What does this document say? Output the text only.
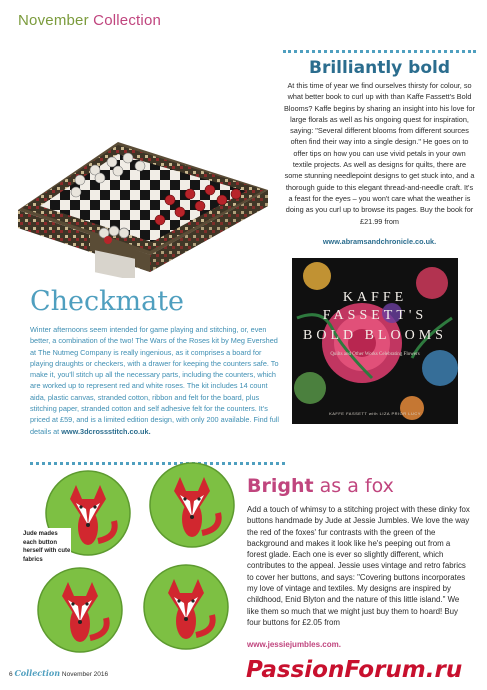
November Collection
Brilliantly bold
At this time of year we find ourselves thirsty for colour, so what better book to curl up with than Kaffe Fassett's Bold Blooms? Kaffe begins by sharing an insight into his love for large florals as well as his ongoing quest for inspiration, saying: "Several different blooms from different sources often find their way into a single design." He goes on to offer tips on how you can use vivid petals in your own textile projects. As well as designs for quilts, there are some stunning needlepoint designs to get stuck into, and a thorough guide to this elegant thread-and-needle craft. It's a feast for the eyes – you won't care what the weather is doing as you curl up to browse its pages. Buy the book for £21.99 from
www.abramsandchronicle.co.uk.
KAFFE
FASSETT'S
BOLD BLOOMS
Quilts and Other Works Celebrating Flowers
KAFFE FASSETT with LIZA PRIOR LUCY
Checkmate
Winter afternoons seem intended for game playing and stitching, or, even better, a combination of the two! The Wars of the Roses kit by Meg Evershed at The Nutmeg Company is really ingenious, as it comprises a board for playing draughts or checkers, with a drawer for keeping the counters safe. To make it, you'll stitch up all the necessary parts, including the counters, which are worked up to represent red and white roses. The kit includes 14 count aida, plastic canvas, stranded cotton, ribbon and felt for the board, plus stitching paper, stranded cotton and self adhesive felt for the counters. It's priced at £59, and is a limited edition design, with only 200 available. Find full details at www.3dcrossstitch.co.uk.
Jude mades each button herself with cute fabrics
Bright as a fox
Add a touch of whimsy to a stitching project with these dinky fox buttons handmade by Jude at Jessie Jumbles. We love the way the red of the foxes' fur contrasts with the green of the background and makes it look like he's peeping out from a forest glade. Each one is ever so slightly different, which contributes to the appeal. Jessie uses vintage and retro fabrics to cover her buttons, and says: "Covering buttons incorporates my love of vintage and textiles. My designs are inspired by childhood, Enid Blyton and the nature of this little island." We like them so much that we might just buy them to hoard! Buy four buttons for £2.05 from
www.jessiejumbles.com.
6 Collection November 2016	PassionForum.ru
